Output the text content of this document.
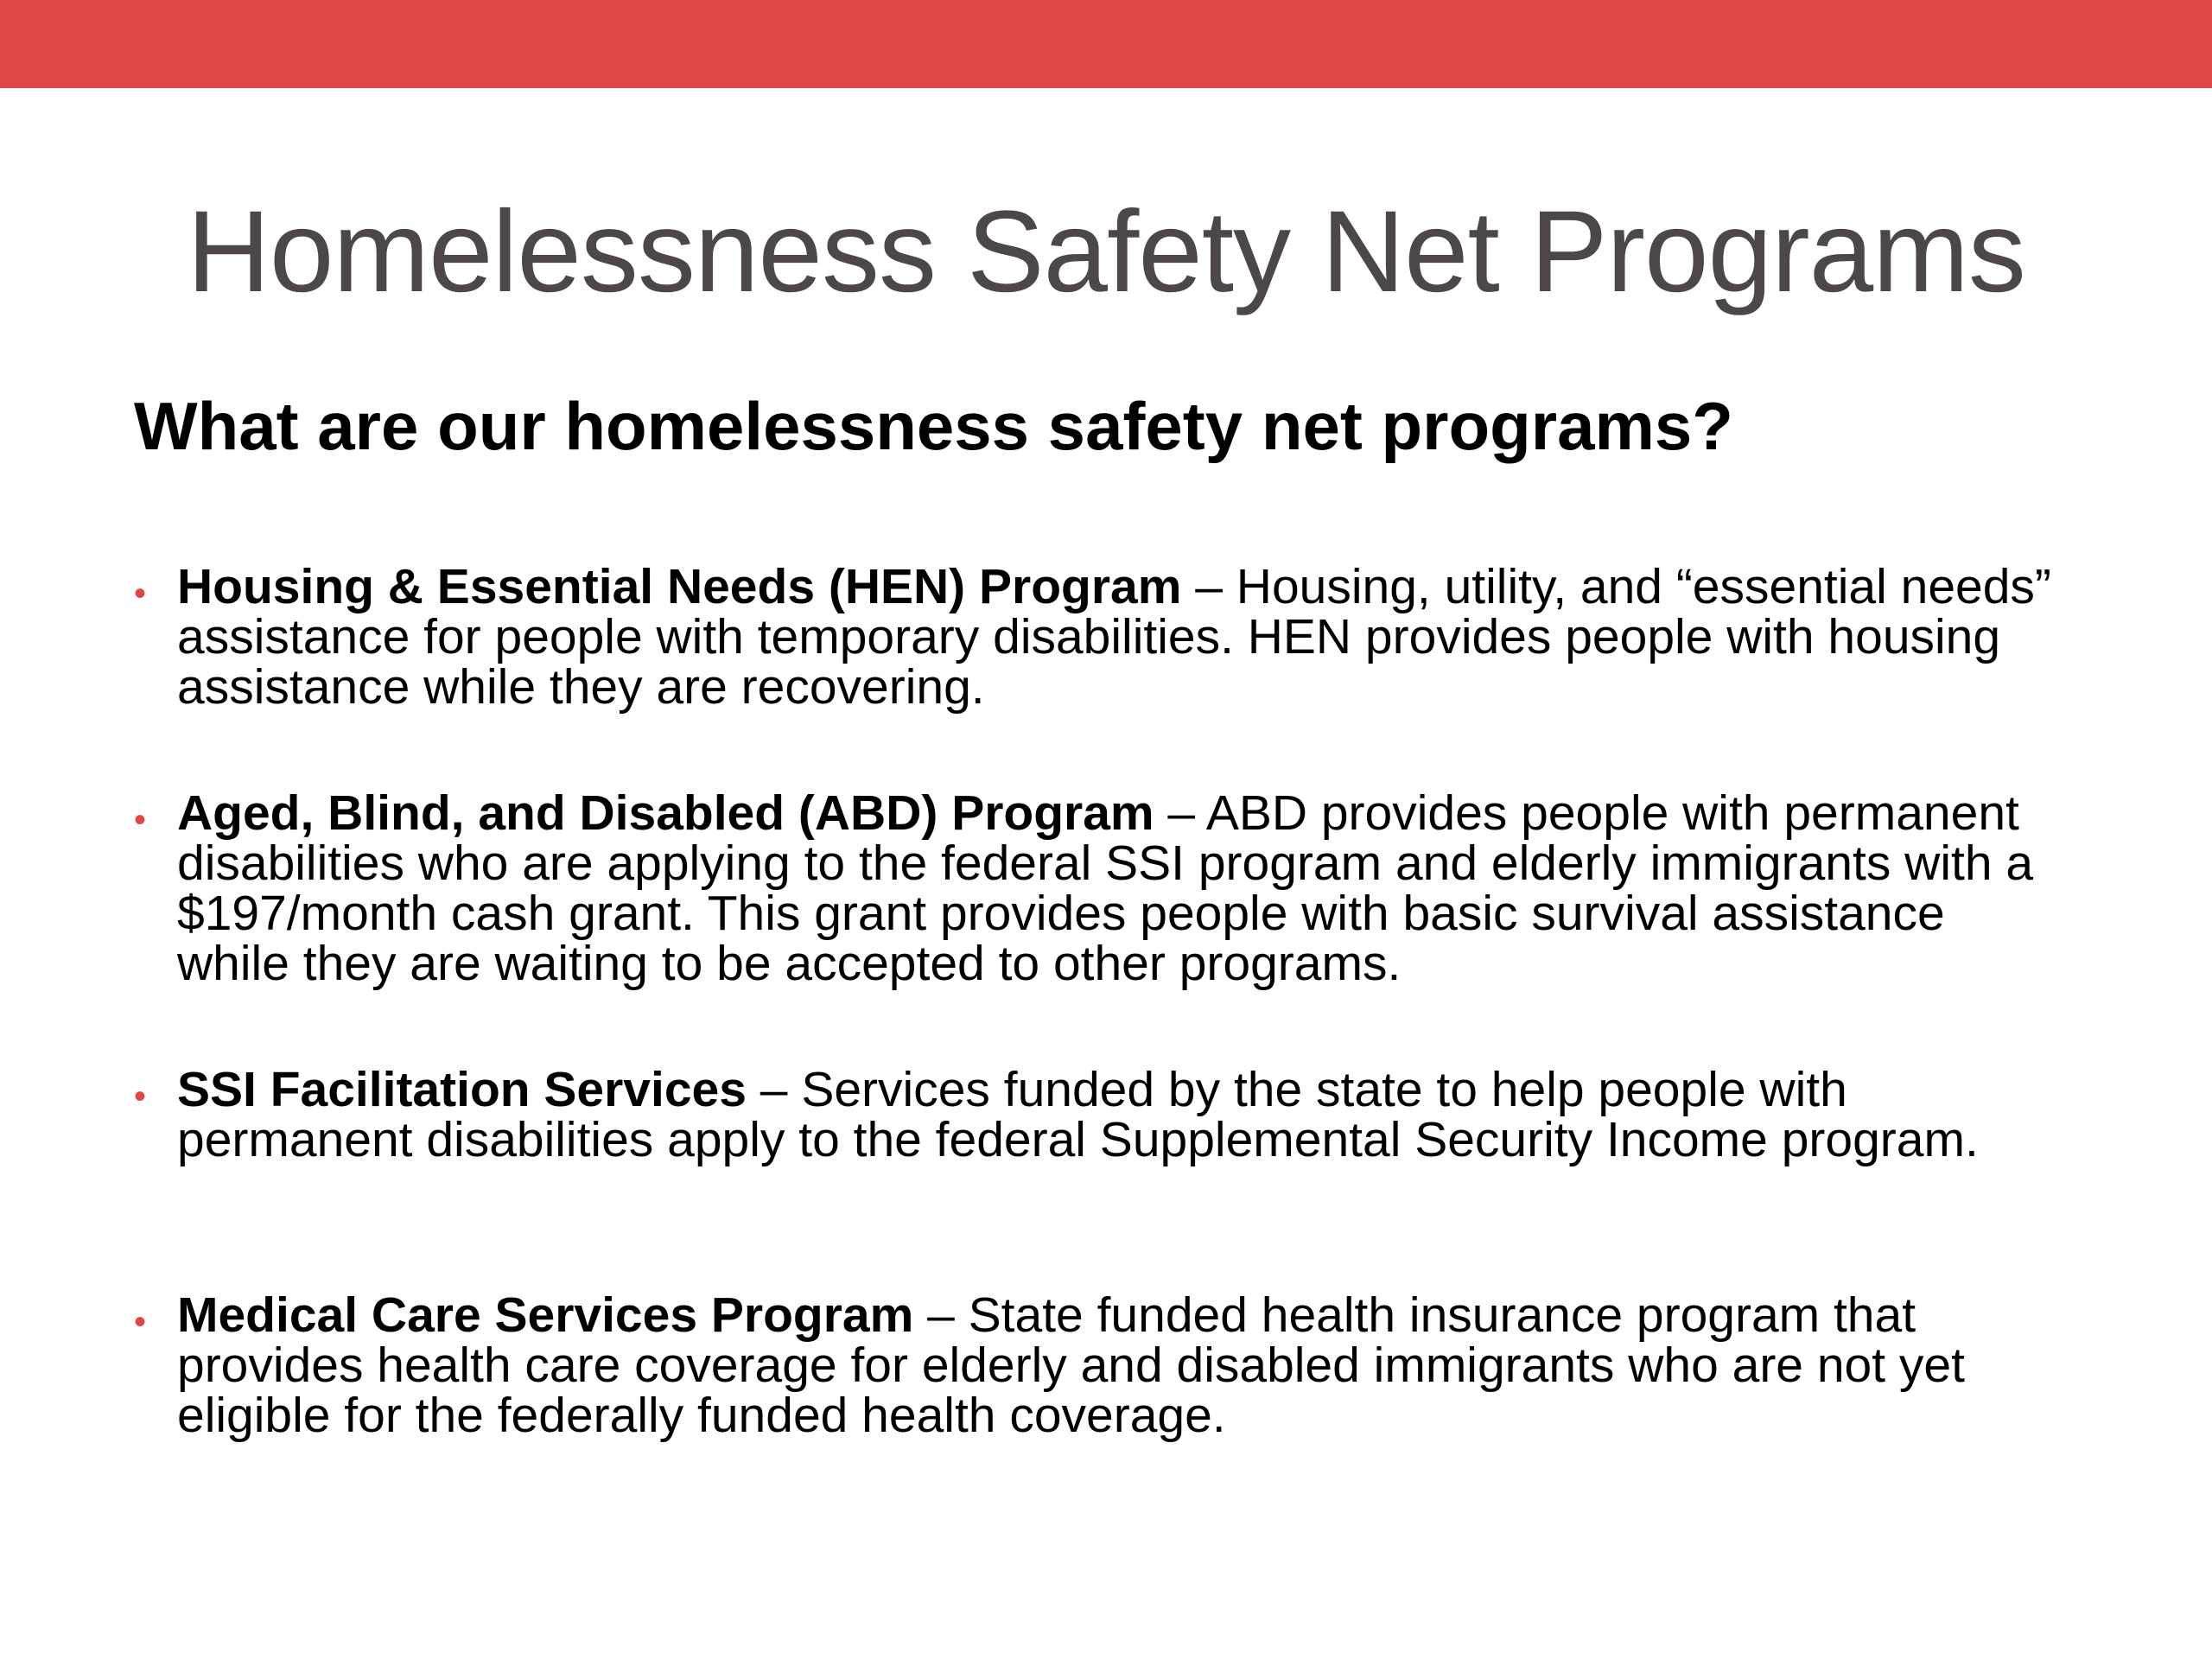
Homelessness Safety Net Programs
What are our homelessness safety net programs?
• Housing & Essential Needs (HEN) Program – Housing, utility, and “essential needs” assistance for people with temporary disabilities. HEN provides people with housing assistance while they are recovering.
• Aged, Blind, and Disabled (ABD) Program – ABD provides people with permanent disabilities who are applying to the federal SSI program and elderly immigrants with a $197/month cash grant. This grant provides people with basic survival assistance while they are waiting to be accepted to other programs.
• SSI Facilitation Services – Services funded by the state to help people with permanent disabilities apply to the federal Supplemental Security Income program.
• Medical Care Services Program – State funded health insurance program that provides health care coverage for elderly and disabled immigrants who are not yet eligible for the federally funded health coverage.
